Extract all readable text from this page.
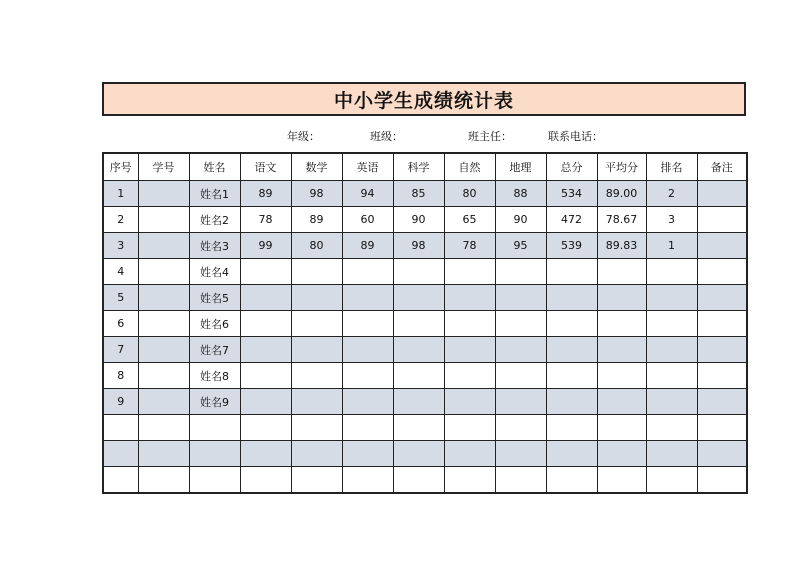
中小学生成绩统计表
年级：	班级：	班主任：	联系电话：
序号	学号	姓名	语文	数学	英语	科学	自然	地理	总分	平均分	排名	备注
1		姓名1	89	98	94	85	80	88	534	89.00	2	
2		姓名2	78	89	60	90	65	90	472	78.67	3	
3		姓名3	99	80	89	98	78	95	539	89.83	1	
4		姓名4										
5		姓名5										
6		姓名6										
7		姓名7										
8		姓名8										
9		姓名9										
